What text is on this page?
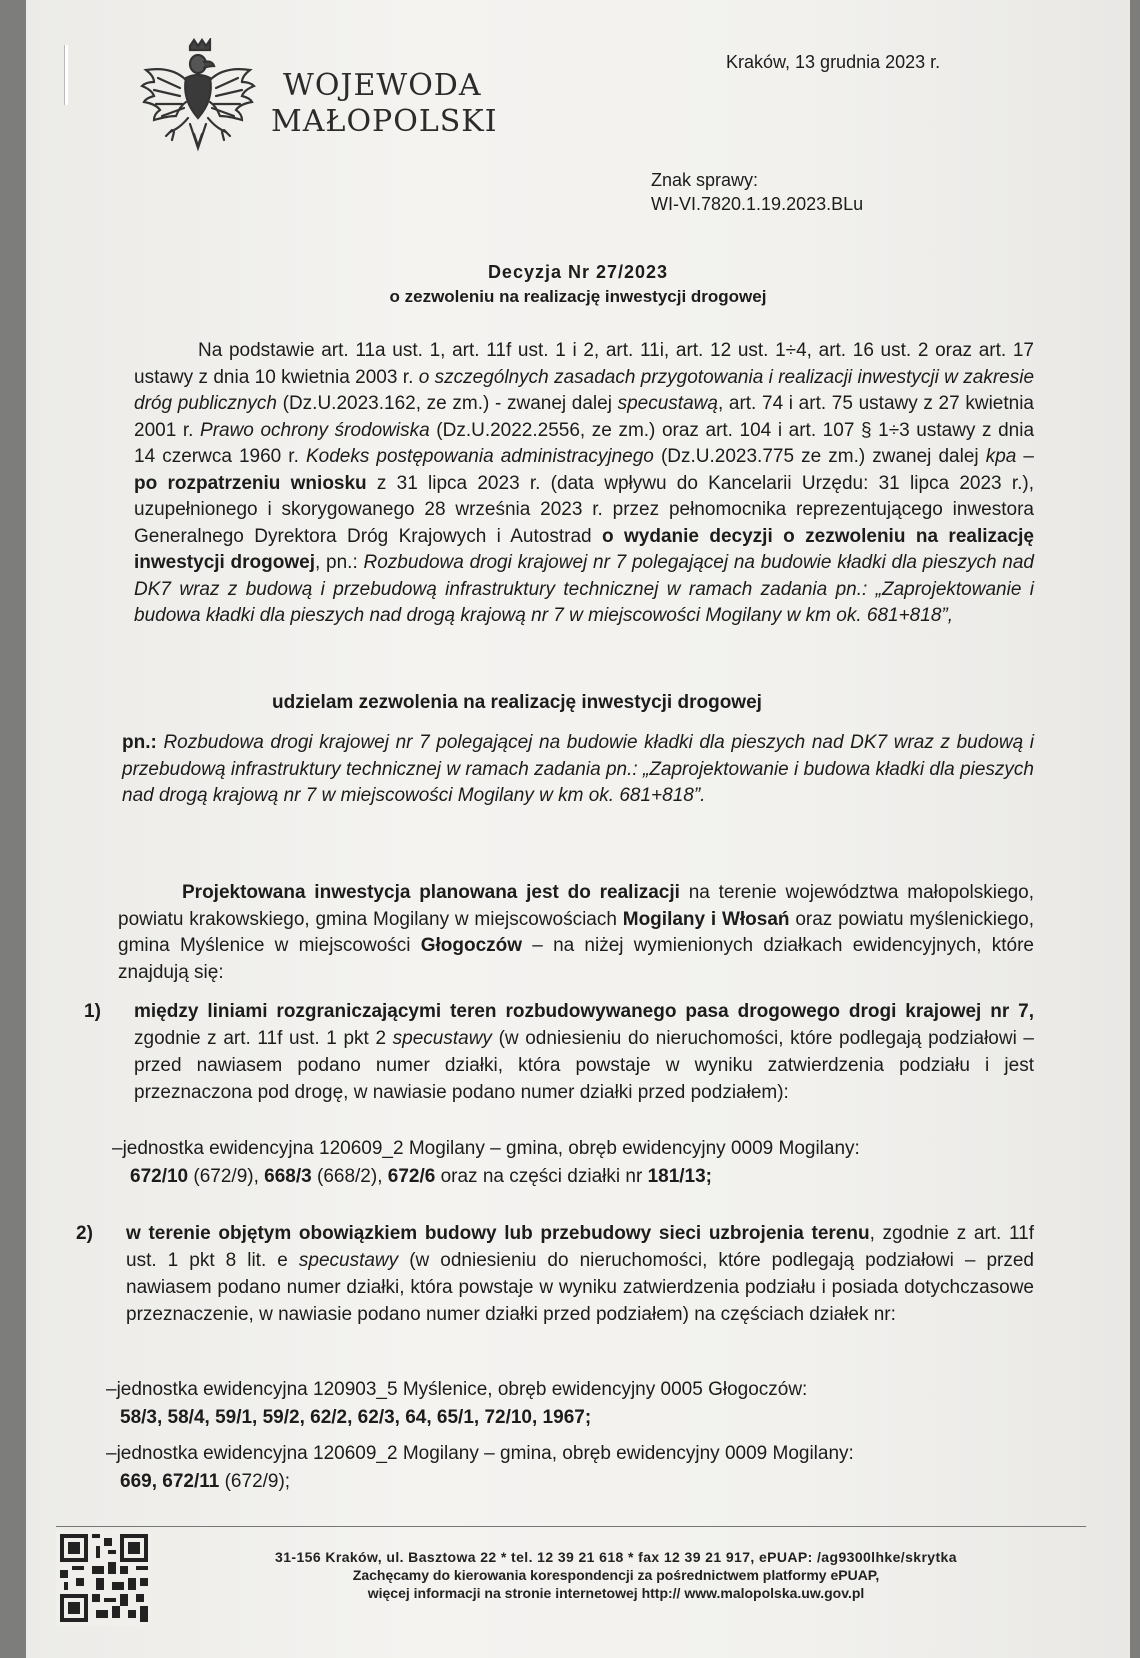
WOJEWODA
MAŁOPOLSKI
Kraków, 13 grudnia 2023 r.
Znak sprawy:
WI-VI.7820.1.19.2023.BLu
Decyzja Nr 27/2023
o zezwoleniu na realizację inwestycji drogowej

Na podstawie art. 11a ust. 1, art. 11f ust. 1 i 2, art. 11i, art. 12 ust. 1÷4, art. 16 ust. 2 oraz art. 17 ustawy z dnia 10 kwietnia 2003 r. o szczególnych zasadach przygotowania i realizacji inwestycji w zakresie dróg publicznych (Dz.U.2023.162, ze zm.) - zwanej dalej specustawą, art. 74 i art. 75 ustawy z 27 kwietnia 2001 r. Prawo ochrony środowiska (Dz.U.2022.2556, ze zm.) oraz art. 104 i art. 107 § 1÷3 ustawy z dnia 14 czerwca 1960 r. Kodeks postępowania administracyjnego (Dz.U.2023.775 ze zm.) zwanej dalej kpa – po rozpatrzeniu wniosku z 31 lipca 2023 r. (data wpływu do Kancelarii Urzędu: 31 lipca 2023 r.), uzupełnionego i skorygowanego 28 września 2023 r. przez pełnomocnika reprezentującego inwestora Generalnego Dyrektora Dróg Krajowych i Autostrad o wydanie decyzji o zezwoleniu na realizację inwestycji drogowej, pn.: Rozbudowa drogi krajowej nr 7 polegającej na budowie kładki dla pieszych nad DK7 wraz z budową i przebudową infrastruktury technicznej w ramach zadania pn.: „Zaprojektowanie i budowa kładki dla pieszych nad drogą krajową nr 7 w miejscowości Mogilany w km ok. 681+818”,

udzielam zezwolenia na realizację inwestycji drogowej

pn.: Rozbudowa drogi krajowej nr 7 polegającej na budowie kładki dla pieszych nad DK7 wraz z budową i przebudową infrastruktury technicznej w ramach zadania pn.: „Zaprojektowanie i budowa kładki dla pieszych nad drogą krajową nr 7 w miejscowości Mogilany w km ok. 681+818”.

Projektowana inwestycja planowana jest do realizacji na terenie województwa małopolskiego, powiatu krakowskiego, gmina Mogilany w miejscowościach Mogilany i Włosań oraz powiatu myślenickiego, gmina Myślenice w miejscowości Głogoczów – na niżej wymienionych działkach ewidencyjnych, które znajdują się:

1) między liniami rozgraniczającymi teren rozbudowywanego pasa drogowego drogi krajowej nr 7, zgodnie z art. 11f ust. 1 pkt 2 specustawy (w odniesieniu do nieruchomości, które podlegają podziałowi – przed nawiasem podano numer działki, która powstaje w wyniku zatwierdzenia podziału i jest przeznaczona pod drogę, w nawiasie podano numer działki przed podziałem):
–jednostka ewidencyjna 120609_2 Mogilany – gmina, obręb ewidencyjny 0009 Mogilany:
672/10 (672/9), 668/3 (668/2), 672/6 oraz na części działki nr 181/13;
2) w terenie objętym obowiązkiem budowy lub przebudowy sieci uzbrojenia terenu, zgodnie z art. 11f ust. 1 pkt 8 lit. e specustawy (w odniesieniu do nieruchomości, które podlegają podziałowi – przed nawiasem podano numer działki, która powstaje w wyniku zatwierdzenia podziału i posiada dotychczasowe przeznaczenie, w nawiasie podano numer działki przed podziałem) na częściach działek nr:
–jednostka ewidencyjna 120903_5 Myślenice, obręb ewidencyjny 0005 Głogoczów:
58/3, 58/4, 59/1, 59/2, 62/2, 62/3, 64, 65/1, 72/10, 1967;
–jednostka ewidencyjna 120609_2 Mogilany – gmina, obręb ewidencyjny 0009 Mogilany:
669, 672/11 (672/9);
31-156 Kraków, ul. Basztowa 22 * tel. 12 39 21 618 * fax 12 39 21 917, ePUAP: /ag9300lhke/skrytka
Zachęcamy do kierowania korespondencji za pośrednictwem platformy ePUAP,
więcej informacji na stronie internetowej http:// www.malopolska.uw.gov.pl
